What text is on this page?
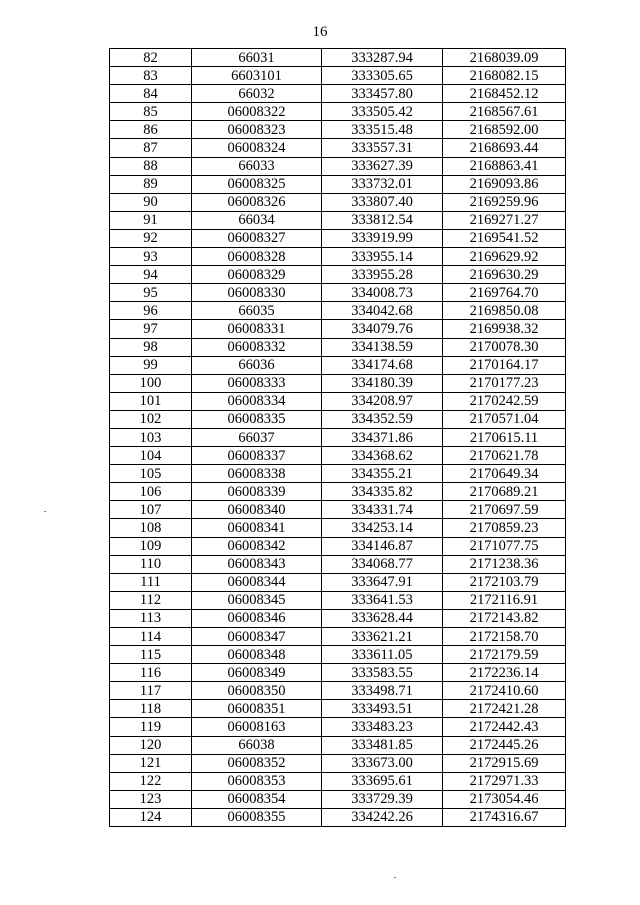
16
82	66031	333287.94	2168039.09
83	6603101	333305.65	2168082.15
84	66032	333457.80	2168452.12
85	06008322	333505.42	2168567.61
86	06008323	333515.48	2168592.00
87	06008324	333557.31	2168693.44
88	66033	333627.39	2168863.41
89	06008325	333732.01	2169093.86
90	06008326	333807.40	2169259.96
91	66034	333812.54	2169271.27
92	06008327	333919.99	2169541.52
93	06008328	333955.14	2169629.92
94	06008329	333955.28	2169630.29
95	06008330	334008.73	2169764.70
96	66035	334042.68	2169850.08
97	06008331	334079.76	2169938.32
98	06008332	334138.59	2170078.30
99	66036	334174.68	2170164.17
100	06008333	334180.39	2170177.23
101	06008334	334208.97	2170242.59
102	06008335	334352.59	2170571.04
103	66037	334371.86	2170615.11
104	06008337	334368.62	2170621.78
105	06008338	334355.21	2170649.34
106	06008339	334335.82	2170689.21
107	06008340	334331.74	2170697.59
108	06008341	334253.14	2170859.23
109	06008342	334146.87	2171077.75
110	06008343	334068.77	2171238.36
111	06008344	333647.91	2172103.79
112	06008345	333641.53	2172116.91
113	06008346	333628.44	2172143.82
114	06008347	333621.21	2172158.70
115	06008348	333611.05	2172179.59
116	06008349	333583.55	2172236.14
117	06008350	333498.71	2172410.60
118	06008351	333493.51	2172421.28
119	06008163	333483.23	2172442.43
120	66038	333481.85	2172445.26
121	06008352	333673.00	2172915.69
122	06008353	333695.61	2172971.33
123	06008354	333729.39	2173054.46
124	06008355	334242.26	2174316.67
